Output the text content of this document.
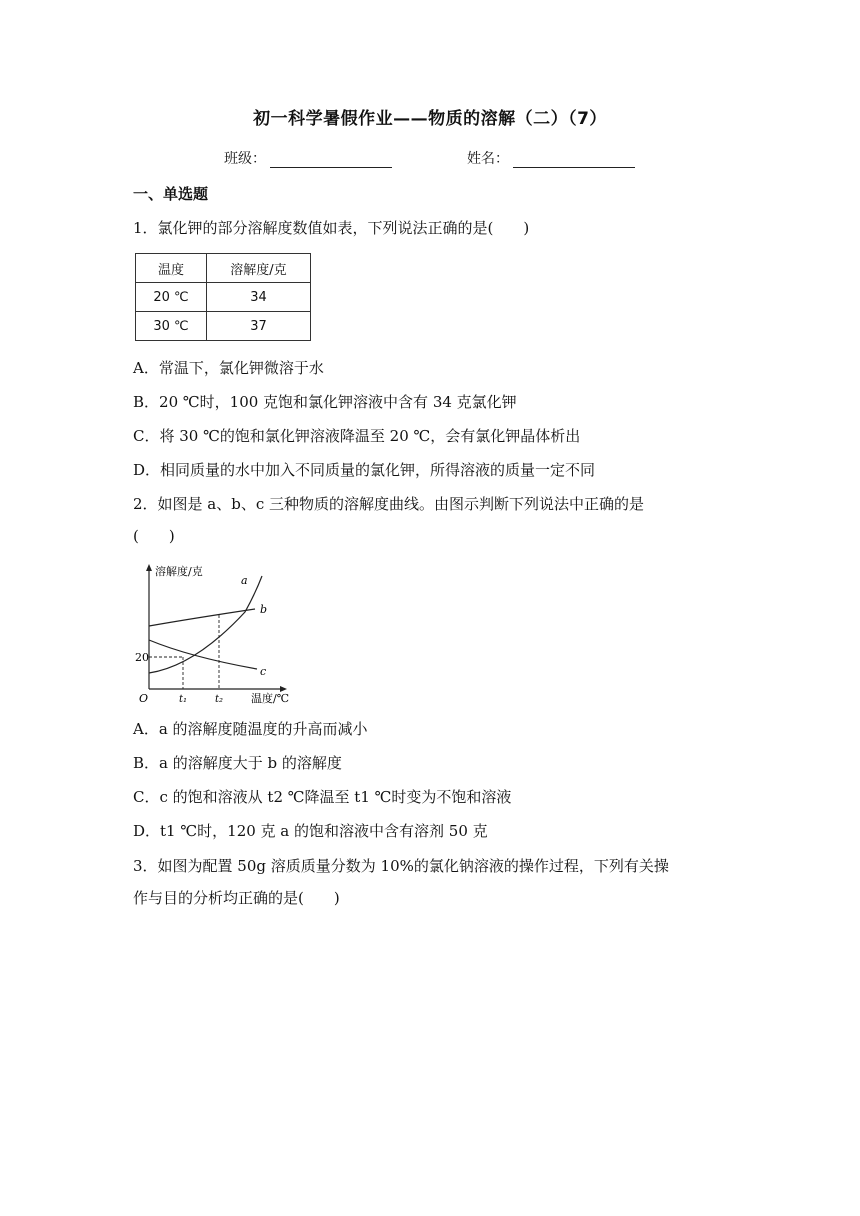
初一科学暑假作业——物质的溶解（二）（7）
班级：	姓名：
一、单选题
1．氯化钾的部分溶解度数值如表，下列说法正确的是(　　)
温度	溶解度/克
20 ℃	34
30 ℃	37
A．常温下，氯化钾微溶于水
B．20 ℃时，100 克饱和氯化钾溶液中含有 34 克氯化钾
C．将 30 ℃的饱和氯化钾溶液降温至 20 ℃，会有氯化钾晶体析出
D．相同质量的水中加入不同质量的氯化钾，所得溶液的质量一定不同
2．如图是 a、b、c 三种物质的溶解度曲线。由图示判断下列说法中正确的是
(　　)
溶解度/克
20
O	t₁	t₂	温度/℃
a
b
c
A．a 的溶解度随温度的升高而减小
B．a 的溶解度大于 b 的溶解度
C．c 的饱和溶液从 t2 ℃降温至 t1 ℃时变为不饱和溶液
D．t1 ℃时，120 克 a 的饱和溶液中含有溶剂 50 克
3．如图为配置 50g 溶质质量分数为 10%的氯化钠溶液的操作过程，下列有关操
作与目的分析均正确的是(　　)
